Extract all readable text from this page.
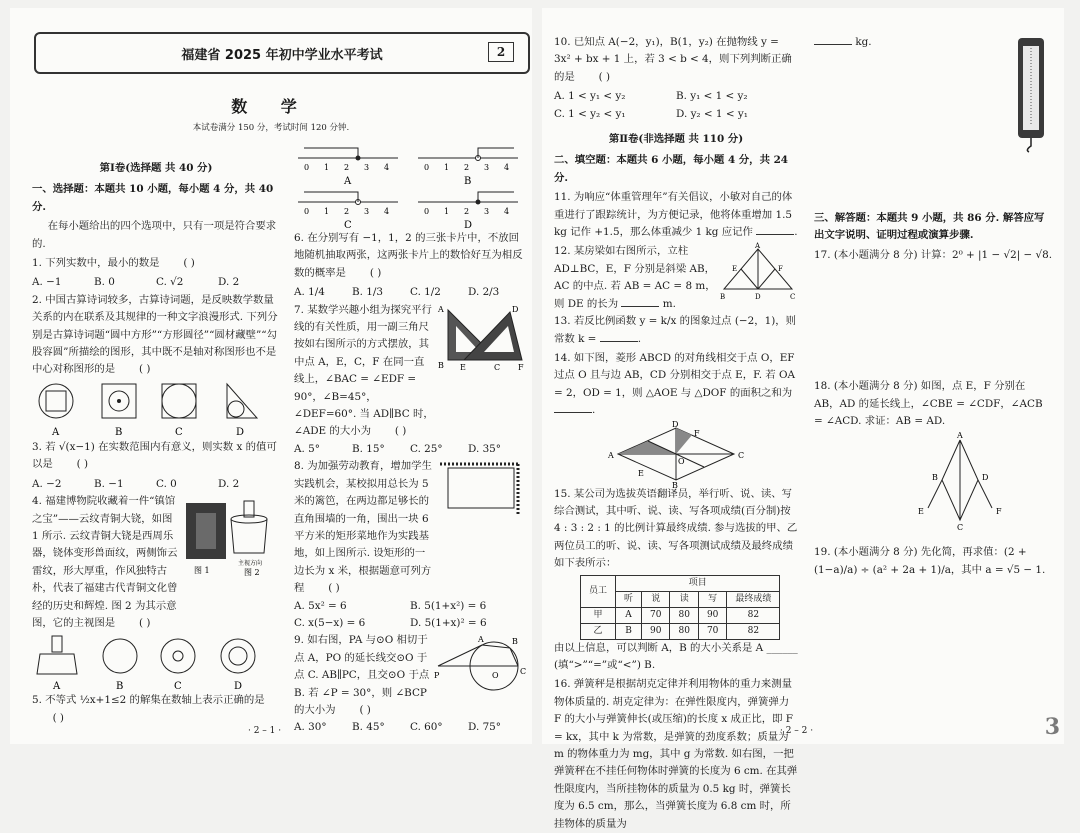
福建省 2025 年初中学业水平考试	2
数 学
本试卷满分 150 分，考试时间 120 分钟.
第Ⅰ卷(选择题 共 40 分)
一、选择题：本题共 10 小题，每小题 4 分，共 40 分.
在每小题给出的四个选项中，只有一项是符合要求的.
1. 下列实数中，最小的数是 ( )
A. −1	B. 0	C. √2	D. 2
2. 中国古算诗词较多，古算诗词题，是反映数学数量关系的内在联系及其规律的一种文字浪漫形式. 下列分别是古算诗词题“圆中方形”“方形圆径”“圆材藏壁”“勾股容圆”所描绘的图形，其中既不是轴对称图形也不是中心对称图形的是 ( )
A	B	C	D
3. 若 √(x−1) 在实数范围内有意义，则实数 x 的值可以是 ( )
A. −2	B. −1	C. 0	D. 2
4. 福建博物院收藏着一件“镇馆之宝”——云纹青铜大铙，如图 1 所示. 云纹青铜大铙是西周乐器，铙体变形兽面纹，两侧饰云雷纹，形大厚重，作风独特古朴，代表了福建古代青铜文化曾经的历史和辉煌. 图 2 为其示意图，它的主视图是 ( )
图 1
主视方向
图 2
A	B	C	D
5. 不等式 ½x+1≤2 的解集在数轴上表示正确的是 ( )
0 1 2 3 4
A
0 1 2 3 4
B
0 1 2 3 4
C
0 1 2 3 4
D
6. 在分别写有 −1，1，2 的三张卡片中，不放回地随机抽取两张，这两张卡片上的数恰好互为相反数的概率是 ( )
A. 1/4	B. 1/3	C. 1/2	D. 2/3
7. 某数学兴趣小组为探究平行线的有关性质，用一副三角尺按如右图所示的方式摆放，其中点 A，E，C，F 在同一直线上，∠BAC = ∠EDF = 90°，∠B=45°，∠DEF=60°. 当 AD∥BC 时，∠ADE 的大小为 ( )
A	D
B E	C F
A. 5°	B. 15°	C. 25°	D. 35°
8. 为加强劳动教育，增加学生实践机会，某校拟用总长为 5 米的篱笆，在两边都足够长的直角围墙的一角，围出一块 6 平方米的矩形菜地作为实践基地，如上图所示. 设矩形的一边长为 x 米，根据题意可列方程 ( )
A. 5x² = 6	B. 5(1+x²) = 6
C. x(5−x) = 6	D. 5(1+x)² = 6
9. 如右图，PA 与⊙O 相切于点 A，PO 的延长线交⊙O 于点 C. AB∥PC，且交⊙O 于点 B. 若 ∠P = 30°，则 ∠BCP 的大小为 ( )
P
A	B
O	C
A. 30°	B. 45°	C. 60°	D. 75°
· 2 – 1 ·
10. 已知点 A(−2，y₁)，B(1，y₂) 在抛物线 y = 3x² + bx + 1 上，若 3 < b < 4，则下列判断正确的是 ( )
A. 1 < y₁ < y₂	B. y₁ < 1 < y₂
C. 1 < y₂ < y₁	D. y₂ < 1 < y₁
第Ⅱ卷(非选择题 共 110 分)
二、填空题：本题共 6 小题，每小题 4 分，共 24 分.
11. 为响应“体重管理年”有关倡议，小敏对自己的体重进行了跟踪统计，为方便记录，他将体重增加 1.5 kg 记作 +1.5，那么体重减少 1 kg 应记作	.
12. 某房梁如右图所示，立柱 AD⊥BC，E，F 分别是斜梁 AB，AC 的中点. 若 AB = AC = 8 m，则 DE 的长为	m.
A
E	F
B	D	C
13. 若反比例函数 y = k/x 的图象过点 (−2，1)，则常数 k =	.
14. 如下图，菱形 ABCD 的对角线相交于点 O，EF 过点 O 且与边 AB，CD 分别相交于点 E，F. 若 OA = 2，OD = 1，则 △AOE 与 △DOF 的面积之和为 .
A
B
C
D
E
F
O
15. 某公司为选拔英语翻译员，举行听、说、读、写综合测试，其中听、说、读、写各项成绩(百分制)按 4 : 3 : 2 : 1 的比例计算最终成绩. 参与选拔的甲、乙两位员工的听、说、读、写各项测试成绩及最终成绩如下表所示：
员工	项目				
	听	说	读	写	最终成绩
甲	A	70	80	90	82
乙	B	90	80	70	82
由以上信息，可以判断 A，B 的大小关系是 A ______ (填“>”“=”或“<”) B.
16. 弹簧秤是根据胡克定律并利用物体的重力来测量物体质量的. 胡克定律为：在弹性限度内，弹簧弹力 F 的大小与弹簧伸长(或压缩)的长度 x 成正比，即 F = kx，其中 k 为常数，是弹簧的劲度系数；质量为 m 的物体重力为 mg，其中 g 为常数. 如右图，一把弹簧秤在不挂任何物体时弹簧的长度为 6 cm. 在其弹性限度内，当所挂物体的质量为 0.5 kg 时，弹簧长度为 6.5 cm，那么，当弹簧长度为 6.8 cm 时，所挂物体的质量为
kg.
三、解答题：本题共 9 小题，共 86 分. 解答应写出文字说明、证明过程或演算步骤.
17. (本小题满分 8 分) 计算：2⁰ + |1 − √2| − √8.
18. (本小题满分 8 分) 如图，点 E，F 分别在 AB，AD 的延长线上，∠CBE = ∠CDF，∠ACB = ∠ACD. 求证：AB = AD.
A
B
C
D
E	F
19. (本小题满分 8 分) 先化简，再求值：(2 + (1−a)/a) ÷ (a² + 2a + 1)/a，其中 a = √5 − 1.
· 2 – 2 ·	3
